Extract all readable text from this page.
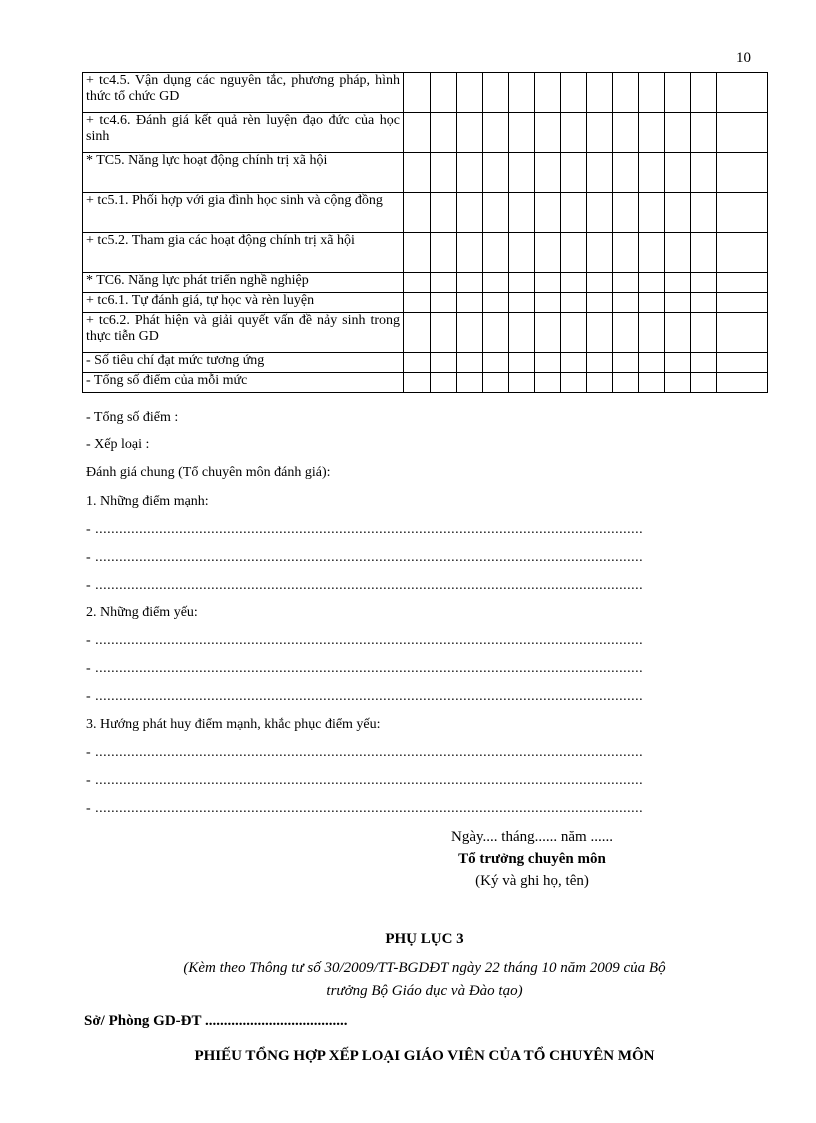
10
+ tc4.5. Vận dụng các nguyên tắc, phương pháp, hình thức tổ chức GD													
+ tc4.6. Đánh giá kết quả rèn luyện đạo đức của học sinh													
* TC5. Năng lực hoạt động chính trị xã hội													
+ tc5.1. Phối hợp với gia đình học sinh và cộng đồng													
+ tc5.2. Tham gia các hoạt động chính trị xã hội													
* TC6. Năng lực phát triển nghề nghiệp													
+ tc6.1. Tự đánh giá, tự học và rèn luyện													
+ tc6.2. Phát hiện và giải quyết vấn đề nảy sinh trong thực tiễn GD													
- Số tiêu chí đạt mức tương ứng													
- Tổng số điểm của mỗi mức													
- Tổng số điểm :
- Xếp loại :
Đánh giá chung (Tổ chuyên môn đánh giá):
1. Những điểm mạnh:
- .........................................................................................................................................
- .........................................................................................................................................
- .........................................................................................................................................
2. Những điểm yếu:
- .........................................................................................................................................
- .........................................................................................................................................
- .........................................................................................................................................
3. Hướng phát huy điểm mạnh, khắc phục điểm yếu:
- .........................................................................................................................................
- .........................................................................................................................................
- .........................................................................................................................................
Ngày.... tháng...... năm ......
Tổ trưởng chuyên môn
(Ký và ghi họ, tên)
PHỤ LỤC 3
(Kèm theo Thông tư số 30/2009/TT-BGDĐT ngày 22 tháng 10 năm 2009 của Bộ
trưởng Bộ Giáo dục và Đào tạo)
Sở/ Phòng GD-ĐT ......................................
PHIẾU TỔNG HỢP XẾP LOẠI GIÁO VIÊN CỦA TỔ CHUYÊN MÔN
